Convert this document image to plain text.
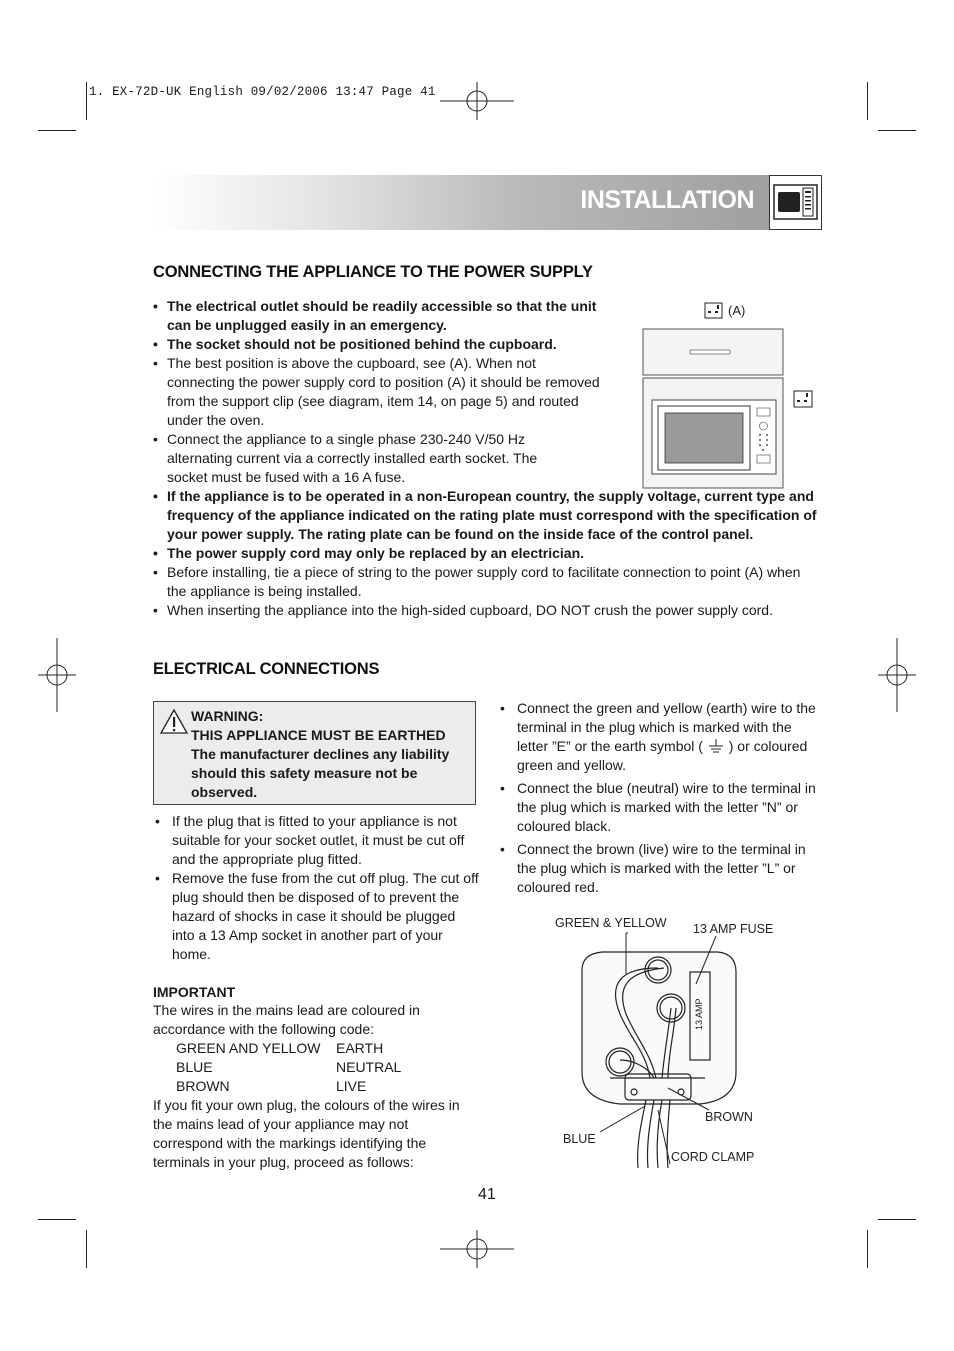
1. EX-72D-UK English 09/02/2006 13:47 Page 41
INSTALLATION
CONNECTING THE APPLIANCE TO THE POWER SUPPLY
• The electrical outlet should be readily accessible so that the unit can be unplugged easily in an emergency.
• The socket should not be positioned behind the cupboard.
• The best position is above the cupboard, see (A). When not connecting the power supply cord to position (A) it should be removed from the support clip (see diagram, item 14, on page 5) and routed under the oven.
• Connect the appliance to a single phase 230-240 V/50 Hz alternating current via a correctly installed earth socket. The socket must be fused with a 16 A fuse.
• If the appliance is to be operated in a non-European country, the supply voltage, current type and frequency of the appliance indicated on the rating plate must correspond with the specification of your power supply. The rating plate can be found on the inside face of the control panel.
• The power supply cord may only be replaced by an electrician.
• Before installing, tie a piece of string to the power supply cord to facilitate connection to point (A) when the appliance is being installed.
• When inserting the appliance into the high-sided cupboard, DO NOT crush the power supply cord.
(A)
ELECTRICAL CONNECTIONS
WARNING:
THIS APPLIANCE MUST BE EARTHED
The manufacturer declines any liability should this safety measure not be observed.
• If the plug that is fitted to your appliance is not suitable for your socket outlet, it must be cut off and the appropriate plug fitted.
• Remove the fuse from the cut off plug. The cut off plug should then be disposed of to prevent the hazard of shocks in case it should be plugged into a 13 Amp socket in another part of your home.
IMPORTANT
The wires in the mains lead are coloured in accordance with the following code:
GREEN AND YELLOW EARTH
BLUE	NEUTRAL
BROWN	LIVE
If you fit your own plug, the colours of the wires in the mains lead of your appliance may not correspond with the markings identifying the terminals in your plug, proceed as follows:
• Connect the green and yellow (earth) wire to the terminal in the plug which is marked with the letter ”E” or the earth symbol ( ) or coloured green and yellow.
• Connect the blue (neutral) wire to the terminal in the plug which is marked with the letter ”N” or coloured black.
• Connect the brown (live) wire to the terminal in the plug which is marked with the letter ”L” or coloured red.
13 AMP
GREEN & YELLOW 13 AMP FUSE
BROWN
BLUE
CORD CLAMP
41
